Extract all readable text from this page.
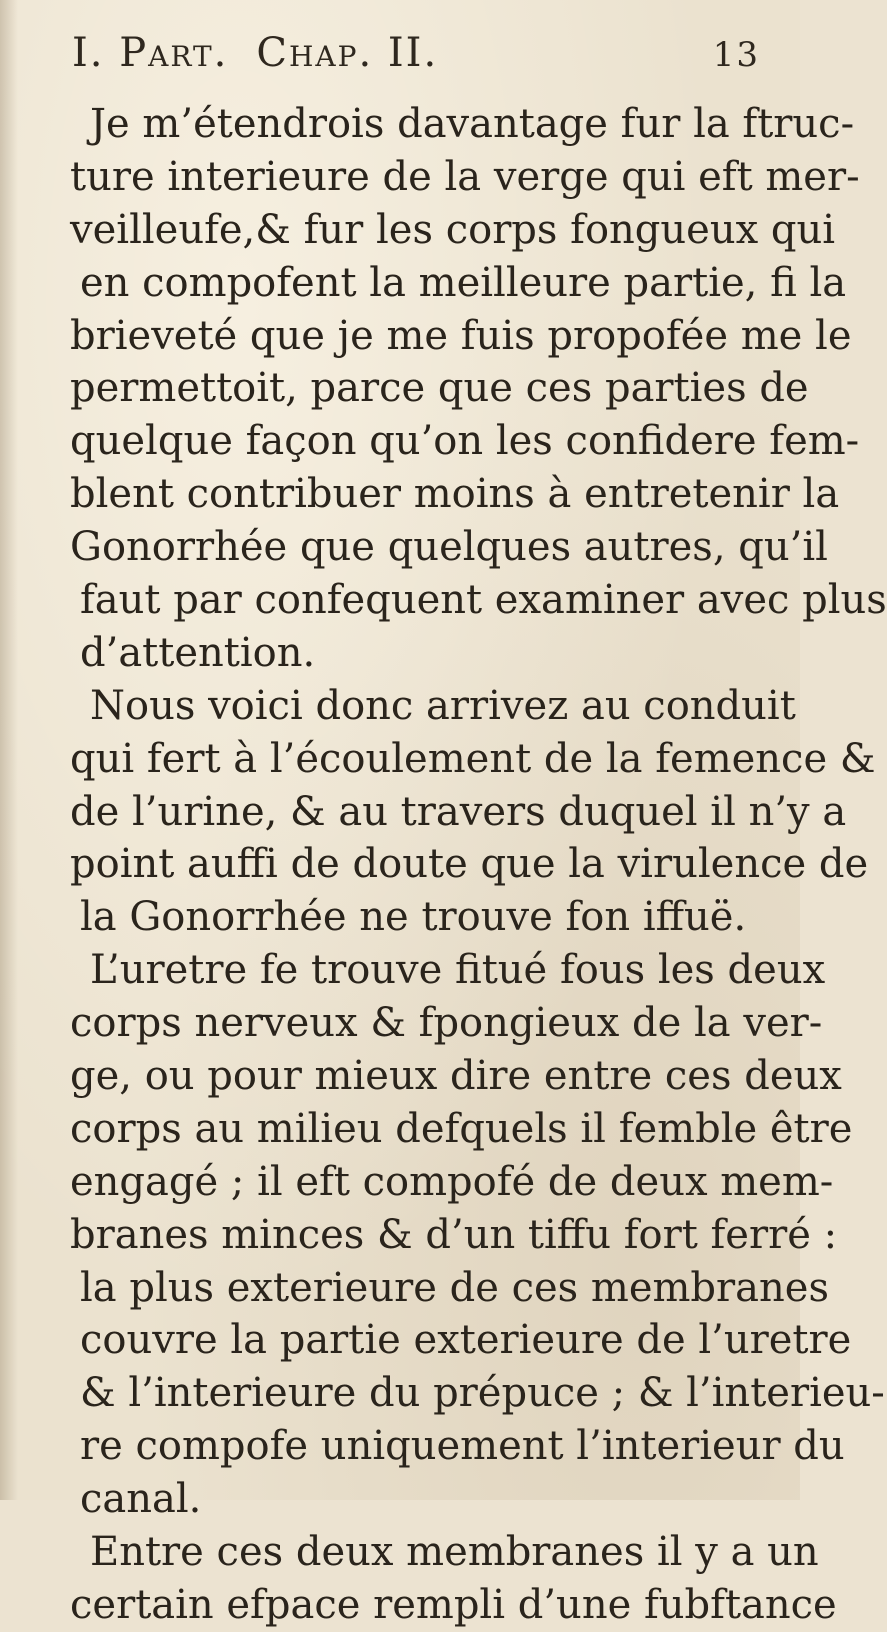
I. Part. Chap. II.	13
Je m’étendrois davantage fur la ftruc-
ture interieure de la verge qui eft mer-
veilleufe,& fur les corps fongueux qui
en compofent la meilleure partie, fi la
brieveté que je me fuis propofée me le
permettoit, parce que ces parties de
quelque façon qu’on les confidere fem-
blent contribuer moins à entretenir la
Gonorrhée que quelques autres, qu’il
faut par confequent examiner avec plus
d’attention.
Nous voici donc arrivez au conduit
qui fert à l’écoulement de la femence &
de l’urine, & au travers duquel il n’y a
point auffi de doute que la virulence de
la Gonorrhée ne trouve fon iffuë.
L’uretre fe trouve fitué fous les deux
corps nerveux & fpongieux de la ver-
ge, ou pour mieux dire entre ces deux
corps au milieu defquels il femble être
engagé ; il eft compofé de deux mem-
branes minces & d’un tiffu fort ferré :
la plus exterieure de ces membranes
couvre la partie exterieure de l’uretre
& l’interieure du prépuce ; & l’interieu-
re compofe uniquement l’interieur du
canal.
Entre ces deux membranes il y a un
certain efpace rempli d’une fubftance
